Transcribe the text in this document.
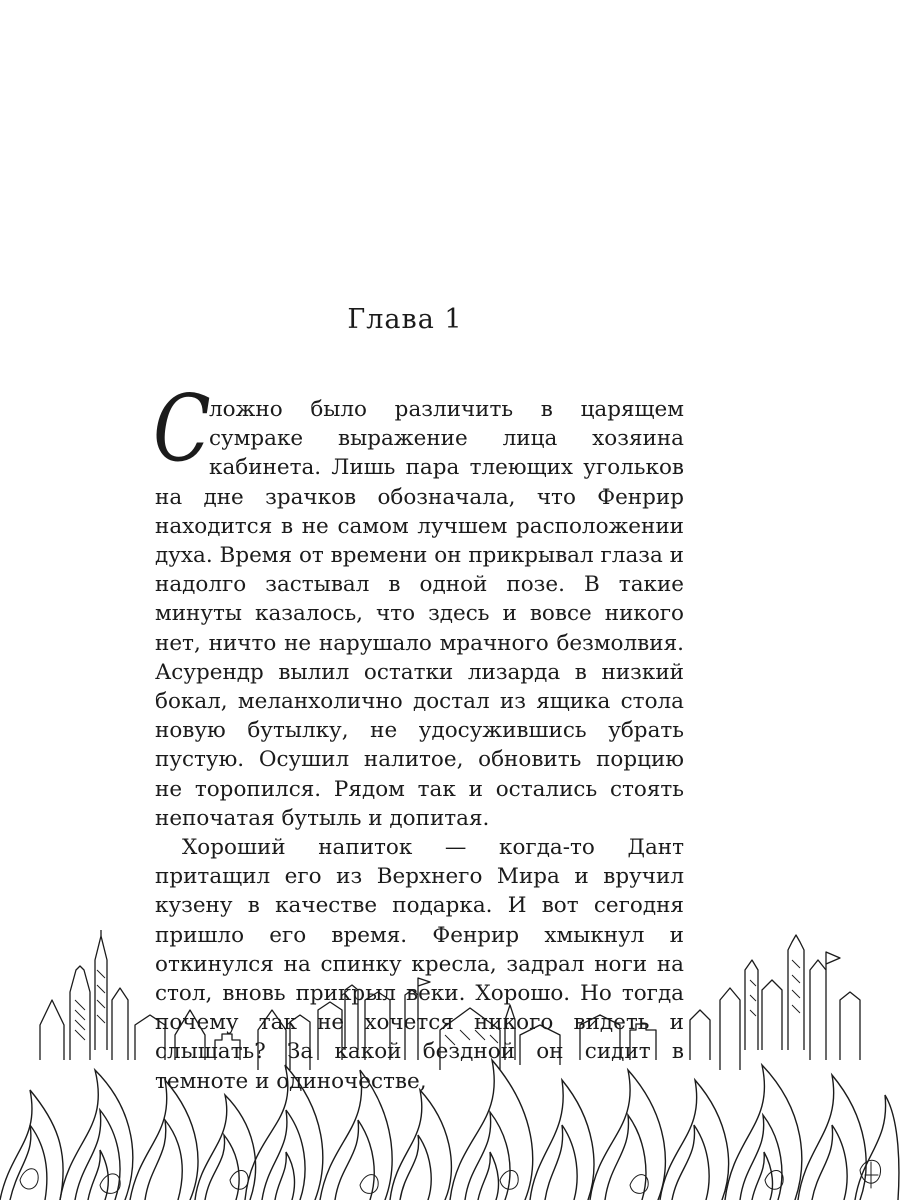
Глава 1

С
ложно было различить в царящем сумраке выражение лица хозяина кабинета. Лишь пара тлеющих угольков на дне зрачков обозначала, что Фенрир находится в не самом лучшем расположении духа. Время от времени он прикрывал глаза и надолго застывал в одной позе. В такие минуты казалось, что здесь и вовсе никого нет, ничто не нарушало мрачного безмолвия. Асурендр вылил остатки лизарда в низкий бокал, меланхолично достал из ящика стола новую бутылку, не удосужившись убрать пустую. Осушил налитое, обновить порцию не торопился. Рядом так и остались стоять непочатая бутыль и допитая.

Хороший напиток — когда-то Дант притащил его из Верхнего Мира и вручил кузену в качестве подарка. И вот сегодня пришло его время. Фенрир хмыкнул и откинулся на спинку кресла, задрал ноги на стол, вновь прикрыл веки. Хорошо. Но тогда почему так не хочется никого видеть и слышать? За какой бездной он сидит в темноте и одиночестве,
